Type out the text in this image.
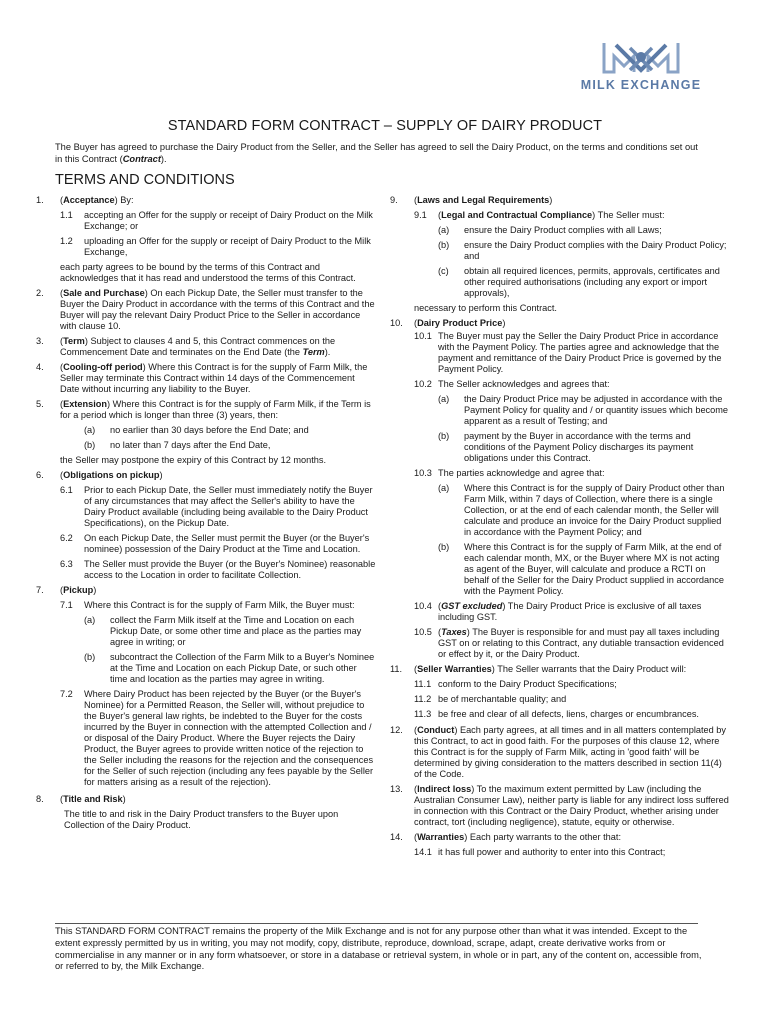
MILK EXCHANGE
STANDARD FORM CONTRACT – SUPPLY OF DAIRY PRODUCT
The Buyer has agreed to purchase the Dairy Product from the Seller, and the Seller has agreed to sell the Dairy Product, on the terms and conditions set out in this Contract (Contract).
TERMS AND CONDITIONS
1. (Acceptance) By:
1.1 accepting an Offer for the supply or receipt of Dairy Product on the Milk Exchange; or
1.2 uploading an Offer for the supply or receipt of Dairy Product to the Milk Exchange,
each party agrees to be bound by the terms of this Contract and acknowledges that it has read and understood the terms of this Contract.
2. (Sale and Purchase) On each Pickup Date, the Seller must transfer to the Buyer the Dairy Product in accordance with the terms of this Contract and the Buyer will pay the relevant Dairy Product Price to the Seller in accordance with clause 10.
3. (Term) Subject to clauses 4 and 5, this Contract commences on the Commencement Date and terminates on the End Date (the Term).
4. (Cooling-off period) Where this Contract is for the supply of Farm Milk, the Seller may terminate this Contract within 14 days of the Commencement Date without incurring any liability to the Buyer.
5. (Extension) Where this Contract is for the supply of Farm Milk, if the Term is for a period which is longer than three (3) years, then:
(a) no earlier than 30 days before the End Date; and
(b) no later than 7 days after the End Date,
the Seller may postpone the expiry of this Contract by 12 months.
6. (Obligations on pickup)
6.1 Prior to each Pickup Date, the Seller must immediately notify the Buyer of any circumstances that may affect the Seller's ability to have the Dairy Product available (including being available to the Dairy Product Specifications), on the Pickup Date.
6.2 On each Pickup Date, the Seller must permit the Buyer (or the Buyer's nominee) possession of the Dairy Product at the Time and Location.
6.3 The Seller must provide the Buyer (or the Buyer's Nominee) reasonable access to the Location in order to facilitate Collection.
7. (Pickup)
7.1 Where this Contract is for the supply of Farm Milk, the Buyer must:
(a) collect the Farm Milk itself at the Time and Location on each Pickup Date, or some other time and place as the parties may agree in writing; or
(b) subcontract the Collection of the Farm Milk to a Buyer's Nominee at the Time and Location on each Pickup Date, or such other time and location as the parties may agree in writing.
7.2 Where Dairy Product has been rejected by the Buyer (or the Buyer's Nominee) for a Permitted Reason, the Seller will, without prejudice to the Buyer's general law rights, be indebted to the Buyer for the costs incurred by the Buyer in connection with the attempted Collection and / or disposal of the Dairy Product. Where the Buyer rejects the Dairy Product, the Buyer agrees to provide written notice of the rejection to the Seller including the reasons for the rejection and the consequences for the Seller of such rejection (including any fees payable by the Seller for matters arising as a result of the rejection).
8. (Title and Risk)
The title to and risk in the Dairy Product transfers to the Buyer upon Collection of the Dairy Product.
9. (Laws and Legal Requirements)
9.1 (Legal and Contractual Compliance) The Seller must:
(a) ensure the Dairy Product complies with all Laws;
(b) ensure the Dairy Product complies with the Dairy Product Policy; and
(c) obtain all required licences, permits, approvals, certificates and other required authorisations (including any export or import approvals),
necessary to perform this Contract.
10. (Dairy Product Price)
10.1 The Buyer must pay the Seller the Dairy Product Price in accordance with the Payment Policy. The parties agree and acknowledge that the payment and remittance of the Dairy Product Price is governed by the Payment Policy.
10.2 The Seller acknowledges and agrees that:
(a) the Dairy Product Price may be adjusted in accordance with the Payment Policy for quality and / or quantity issues which become apparent as a result of Testing; and
(b) payment by the Buyer in accordance with the terms and conditions of the Payment Policy discharges its payment obligations under this Contract.
10.3 The parties acknowledge and agree that:
(a) Where this Contract is for the supply of Dairy Product other than Farm Milk, within 7 days of Collection, where there is a single Collection, or at the end of each calendar month, the Seller will calculate and produce an invoice for the Dairy Product supplied in accordance with the Payment Policy; and
(b) Where this Contract is for the supply of Farm Milk, at the end of each calendar month, MX, or the Buyer where MX is not acting as agent of the Buyer, will calculate and produce a RCTI on behalf of the Seller for the Dairy Product supplied in accordance with the Payment Policy.
10.4 (GST excluded) The Dairy Product Price is exclusive of all taxes including GST.
10.5 (Taxes) The Buyer is responsible for and must pay all taxes including GST on or relating to this Contract, any dutiable transaction evidenced or effect by it, or the Dairy Product.
11. (Seller Warranties) The Seller warrants that the Dairy Product will:
11.1 conform to the Dairy Product Specifications;
11.2 be of merchantable quality; and
11.3 be free and clear of all defects, liens, charges or encumbrances.
12. (Conduct) Each party agrees, at all times and in all matters contemplated by this Contract, to act in good faith. For the purposes of this clause 12, where this Contract is for the supply of Farm Milk, acting in 'good faith' will be determined by giving consideration to the matters described in section 11(4) of the Code.
13. (Indirect loss) To the maximum extent permitted by Law (including the Australian Consumer Law), neither party is liable for any indirect loss suffered in connection with this Contract or the Dairy Product, whether arising under contract, tort (including negligence), statute, equity or otherwise.
14. (Warranties) Each party warrants to the other that:
14.1 it has full power and authority to enter into this Contract;
This STANDARD FORM CONTRACT remains the property of the Milk Exchange and is not for any purpose other than what it was intended. Except to the extent expressly permitted by us in writing, you may not modify, copy, distribute, reproduce, download, scrape, adapt, create derivative works from or commercialise in any manner or in any form whatsoever, or store in a database or retrieval system, in whole or in part, any of the content on, accessible from, or referred to by, the Milk Exchange.
